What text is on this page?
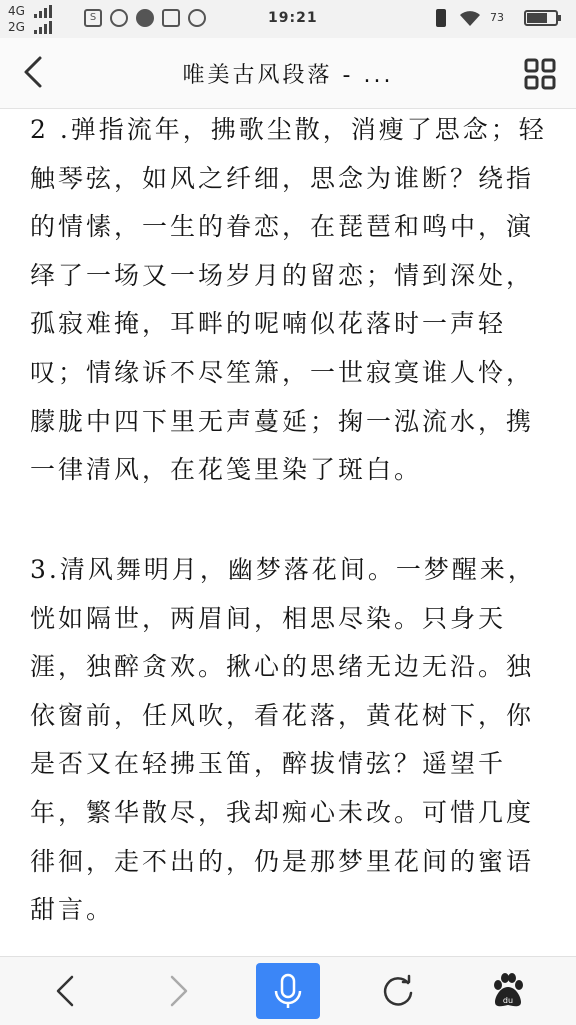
4G
2G
S	19:21	73
唯美古风段落 - ...
2 .弹指流年，拂歌尘散，消瘦了思念；轻触琴弦，如风之纤细，思念为谁断？绕指的情愫，一生的眷恋，在琵琶和鸣中，演绎了一场又一场岁月的留恋；情到深处，孤寂难掩，耳畔的呢喃似花落时一声轻叹；情缘诉不尽笙箫，一世寂寞谁人怜，朦胧中四下里无声蔓延；掬一泓流水，携一律清风，在花笺里染了斑白。
3.清风舞明月，幽梦落花间。一梦醒来，恍如隔世，两眉间，相思尽染。只身天涯，独醉贪欢。揪心的思绪无边无沿。独依窗前，任风吹，看花落，黄花树下，你是否又在轻拂玉笛，醉拔情弦？遥望千年，繁华散尽，我却痴心未改。可惜几度徘徊，走不出的，仍是那梦里花间的蜜语甜言。
du
